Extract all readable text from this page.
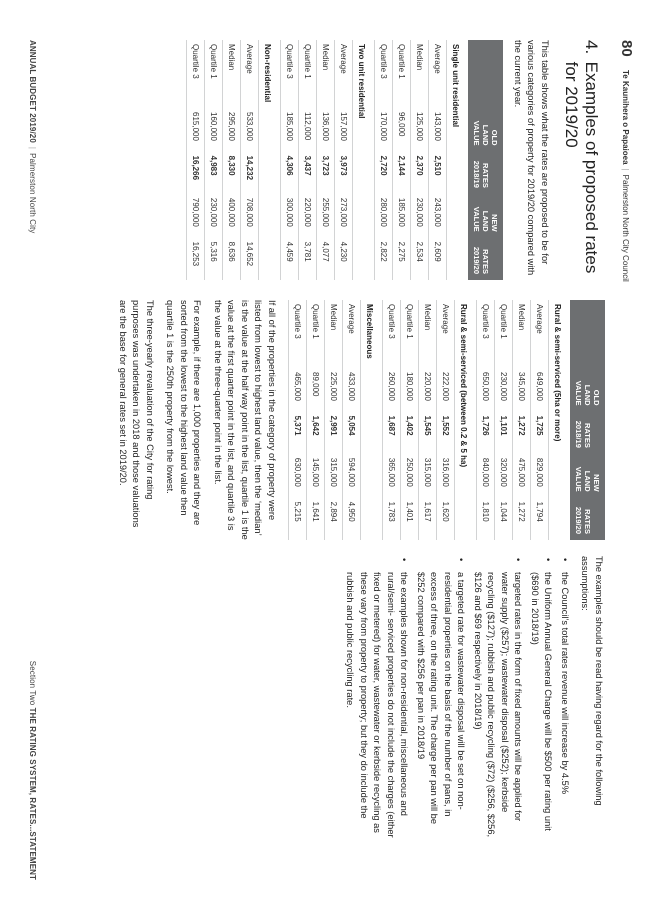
ANNUAL BUDGET 2019/20|Palmerston North City
Section Two THE RATING SYSTEM, RATES...STATEMENT
80
Te Kaunihera o Papaioea|Palmerston North City Council
4.
Examples of proposed rates for 2019/20

This table shows what the rates are proposed to be for various categories of property for 2019/20 compared with the current year.

	OLD LAND VALUE	RATES 2018/19	NEW LAND VALUE	RATES 2019/20
Single unit residential				
Average	143,000	2,510	243,000	2,609
Median	125,000	2,370	230,000	2,534
Quartile 1	96,000	2,144	185,000	2,275
Quartile 3	170,000	2,720	280,000	2,822
Two unit residential				
Average	157,000	3,973	273,000	4,230
Median	136,000	3,723	255,000	4,077
Quartile 1	112,000	3,437	220,000	3,781
Quartile 3	185,000	4,306	300,000	4,459
Non-residential				
Average	533,000	14,232	708,000	14,652
Median	295,000	8,330	400,000	8,636
Quartile 1	160,000	4,983	230,000	5,316
Quartile 3	615,000	16,266	790,000	16,253
	OLD LAND VALUE	RATES 2018/19	NEW LAND VALUE	RATES 2019/20
Rural & semi-serviced (5ha or more)				
Average	649,000	1,725	829,000	1,794
Median	345,000	1,272	475,000	1,272
Quartile 1	230,000	1,101	320,000	1,044
Quartile 3	650,000	1,726	840,000	1,810
Rural & semi-serviced (between 0.2 & 5 ha)				
Average	222,000	1,552	316,000	1,620
Median	220,000	1,545	315,000	1,617
Quartile 1	180,000	1,402	250,000	1,401
Quartile 3	260,000	1,687	365,000	1,783
Miscellaneous				
Average	433,000	5,054	594,000	4,950
Median	225,000	2,991	315,000	2,894
Quartile 1	89,000	1,642	145,000	1,641
Quartile 3	465,000	5,371	630,000	5,215

If all of the properties in the category of property were listed from lowest to highest land value, then the ‘median’ is the value at the half way point in the list, quartile 1 is the value at the first quarter point in the list, and quartile 3 is the value at the three-quarter point in the list.

For example, if there are 1,000 properties and they are sorted from the lowest to the highest land value then quartile 1 is the 250th property from the lowest.

The three-yearly revaluation of the City for rating purposes was undertaken in 2018 and those valuations are the base for general rates set in 2019/20.

The examples should be read having regard for the following assumptions:

• the Council’s total rates revenue will increase by 4.5%
• the Uniform Annual General Charge will be $500 per rating unit ($690 in 2018/19)
• targeted rates in the form of fixed amounts will be applied for water supply ($257); wastewater disposal ($252); kerbside recycling ($127); rubbish and public recycling ($72) ($256, $256, $126 and $69 respectively in 2018/19)
• a targeted rate for wastewater disposal will be set on non-residential properties on the basis of the number of pans, in excess of three, on the rating unit. The charge per pan will be $252 compared with $256 per pan in 2018/19
• the examples shown for non-residential, miscellaneous and rural/semi- serviced properties do not include the charges (either fixed or metered) for water, wastewater or kerbside recycling as these vary from property to property; but they do include the rubbish and public recycling rate.
